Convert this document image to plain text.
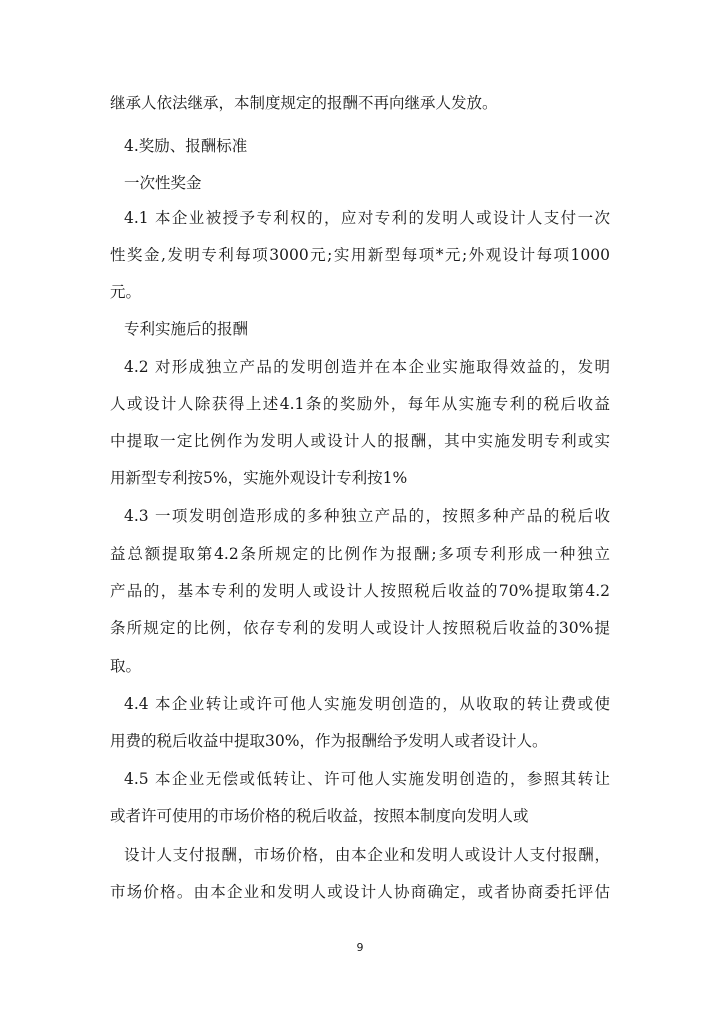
继承人依法继承，本制度规定的报酬不再向继承人发放。
4.奖励、报酬标准
一次性奖金
4.1 本企业被授予专利权的，应对专利的发明人或设计人支付一次
性奖金,发明专利每项3000元;实用新型每项*元;外观设计每项1000
元。
专利实施后的报酬
4.2 对形成独立产品的发明创造并在本企业实施取得效益的，发明
人或设计人除获得上述4.1条的奖励外，每年从实施专利的税后收益
中提取一定比例作为发明人或设计人的报酬，其中实施发明专利或实
用新型专利按5%，实施外观设计专利按1%
4.3 一项发明创造形成的多种独立产品的，按照多种产品的税后收
益总额提取第4.2条所规定的比例作为报酬;多项专利形成一种独立
产品的，基本专利的发明人或设计人按照税后收益的70%提取第4.2
条所规定的比例，依存专利的发明人或设计人按照税后收益的30%提
取。
4.4 本企业转让或许可他人实施发明创造的，从收取的转让费或使
用费的税后收益中提取30%，作为报酬给予发明人或者设计人。
4.5 本企业无偿或低转让、许可他人实施发明创造的，参照其转让
或者许可使用的市场价格的税后收益，按照本制度向发明人或
设计人支付报酬，市场价格，由本企业和发明人或设计人支付报酬，
市场价格。由本企业和发明人或设计人协商确定，或者协商委托评估
9
